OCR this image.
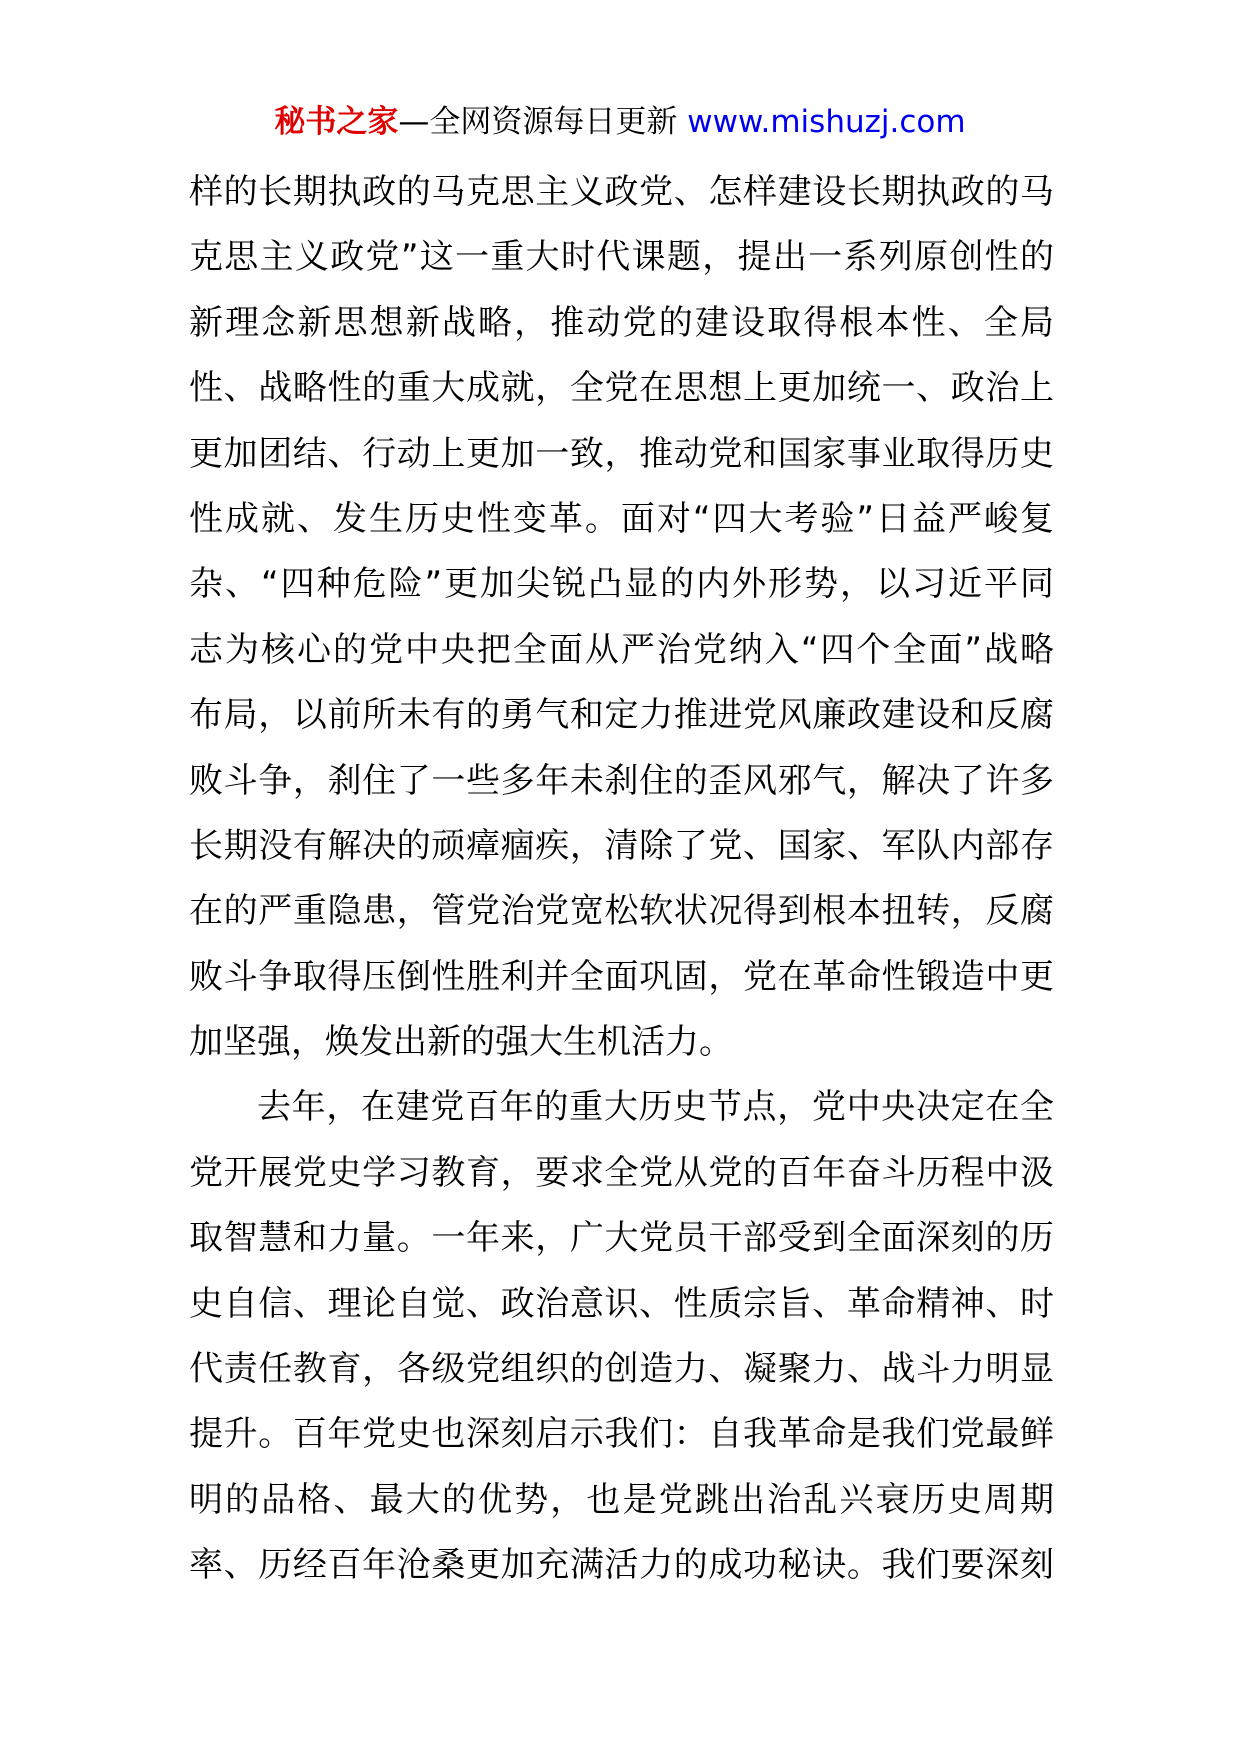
秘书之家—全网资源每日更新 www.mishuzj.com
样的长期执政的马克思主义政党、怎样建设长期执政的马
克思主义政党”这一重大时代课题，提出一系列原创性的
新理念新思想新战略，推动党的建设取得根本性、全局
性、战略性的重大成就，全党在思想上更加统一、政治上
更加团结、行动上更加一致，推动党和国家事业取得历史
性成就、发生历史性变革。面对“四大考验”日益严峻复
杂、“四种危险”更加尖锐凸显的内外形势，以习近平同
志为核心的党中央把全面从严治党纳入“四个全面”战略
布局，以前所未有的勇气和定力推进党风廉政建设和反腐
败斗争，刹住了一些多年未刹住的歪风邪气，解决了许多
长期没有解决的顽瘴痼疾，清除了党、国家、军队内部存
在的严重隐患，管党治党宽松软状况得到根本扭转，反腐
败斗争取得压倒性胜利并全面巩固，党在革命性锻造中更
加坚强，焕发出新的强大生机活力。
去年，在建党百年的重大历史节点，党中央决定在全
党开展党史学习教育，要求全党从党的百年奋斗历程中汲
取智慧和力量。一年来，广大党员干部受到全面深刻的历
史自信、理论自觉、政治意识、性质宗旨、革命精神、时
代责任教育，各级党组织的创造力、凝聚力、战斗力明显
提升。百年党史也深刻启示我们：自我革命是我们党最鲜
明的品格、最大的优势，也是党跳出治乱兴衰历史周期
率、历经百年沧桑更加充满活力的成功秘诀。我们要深刻
